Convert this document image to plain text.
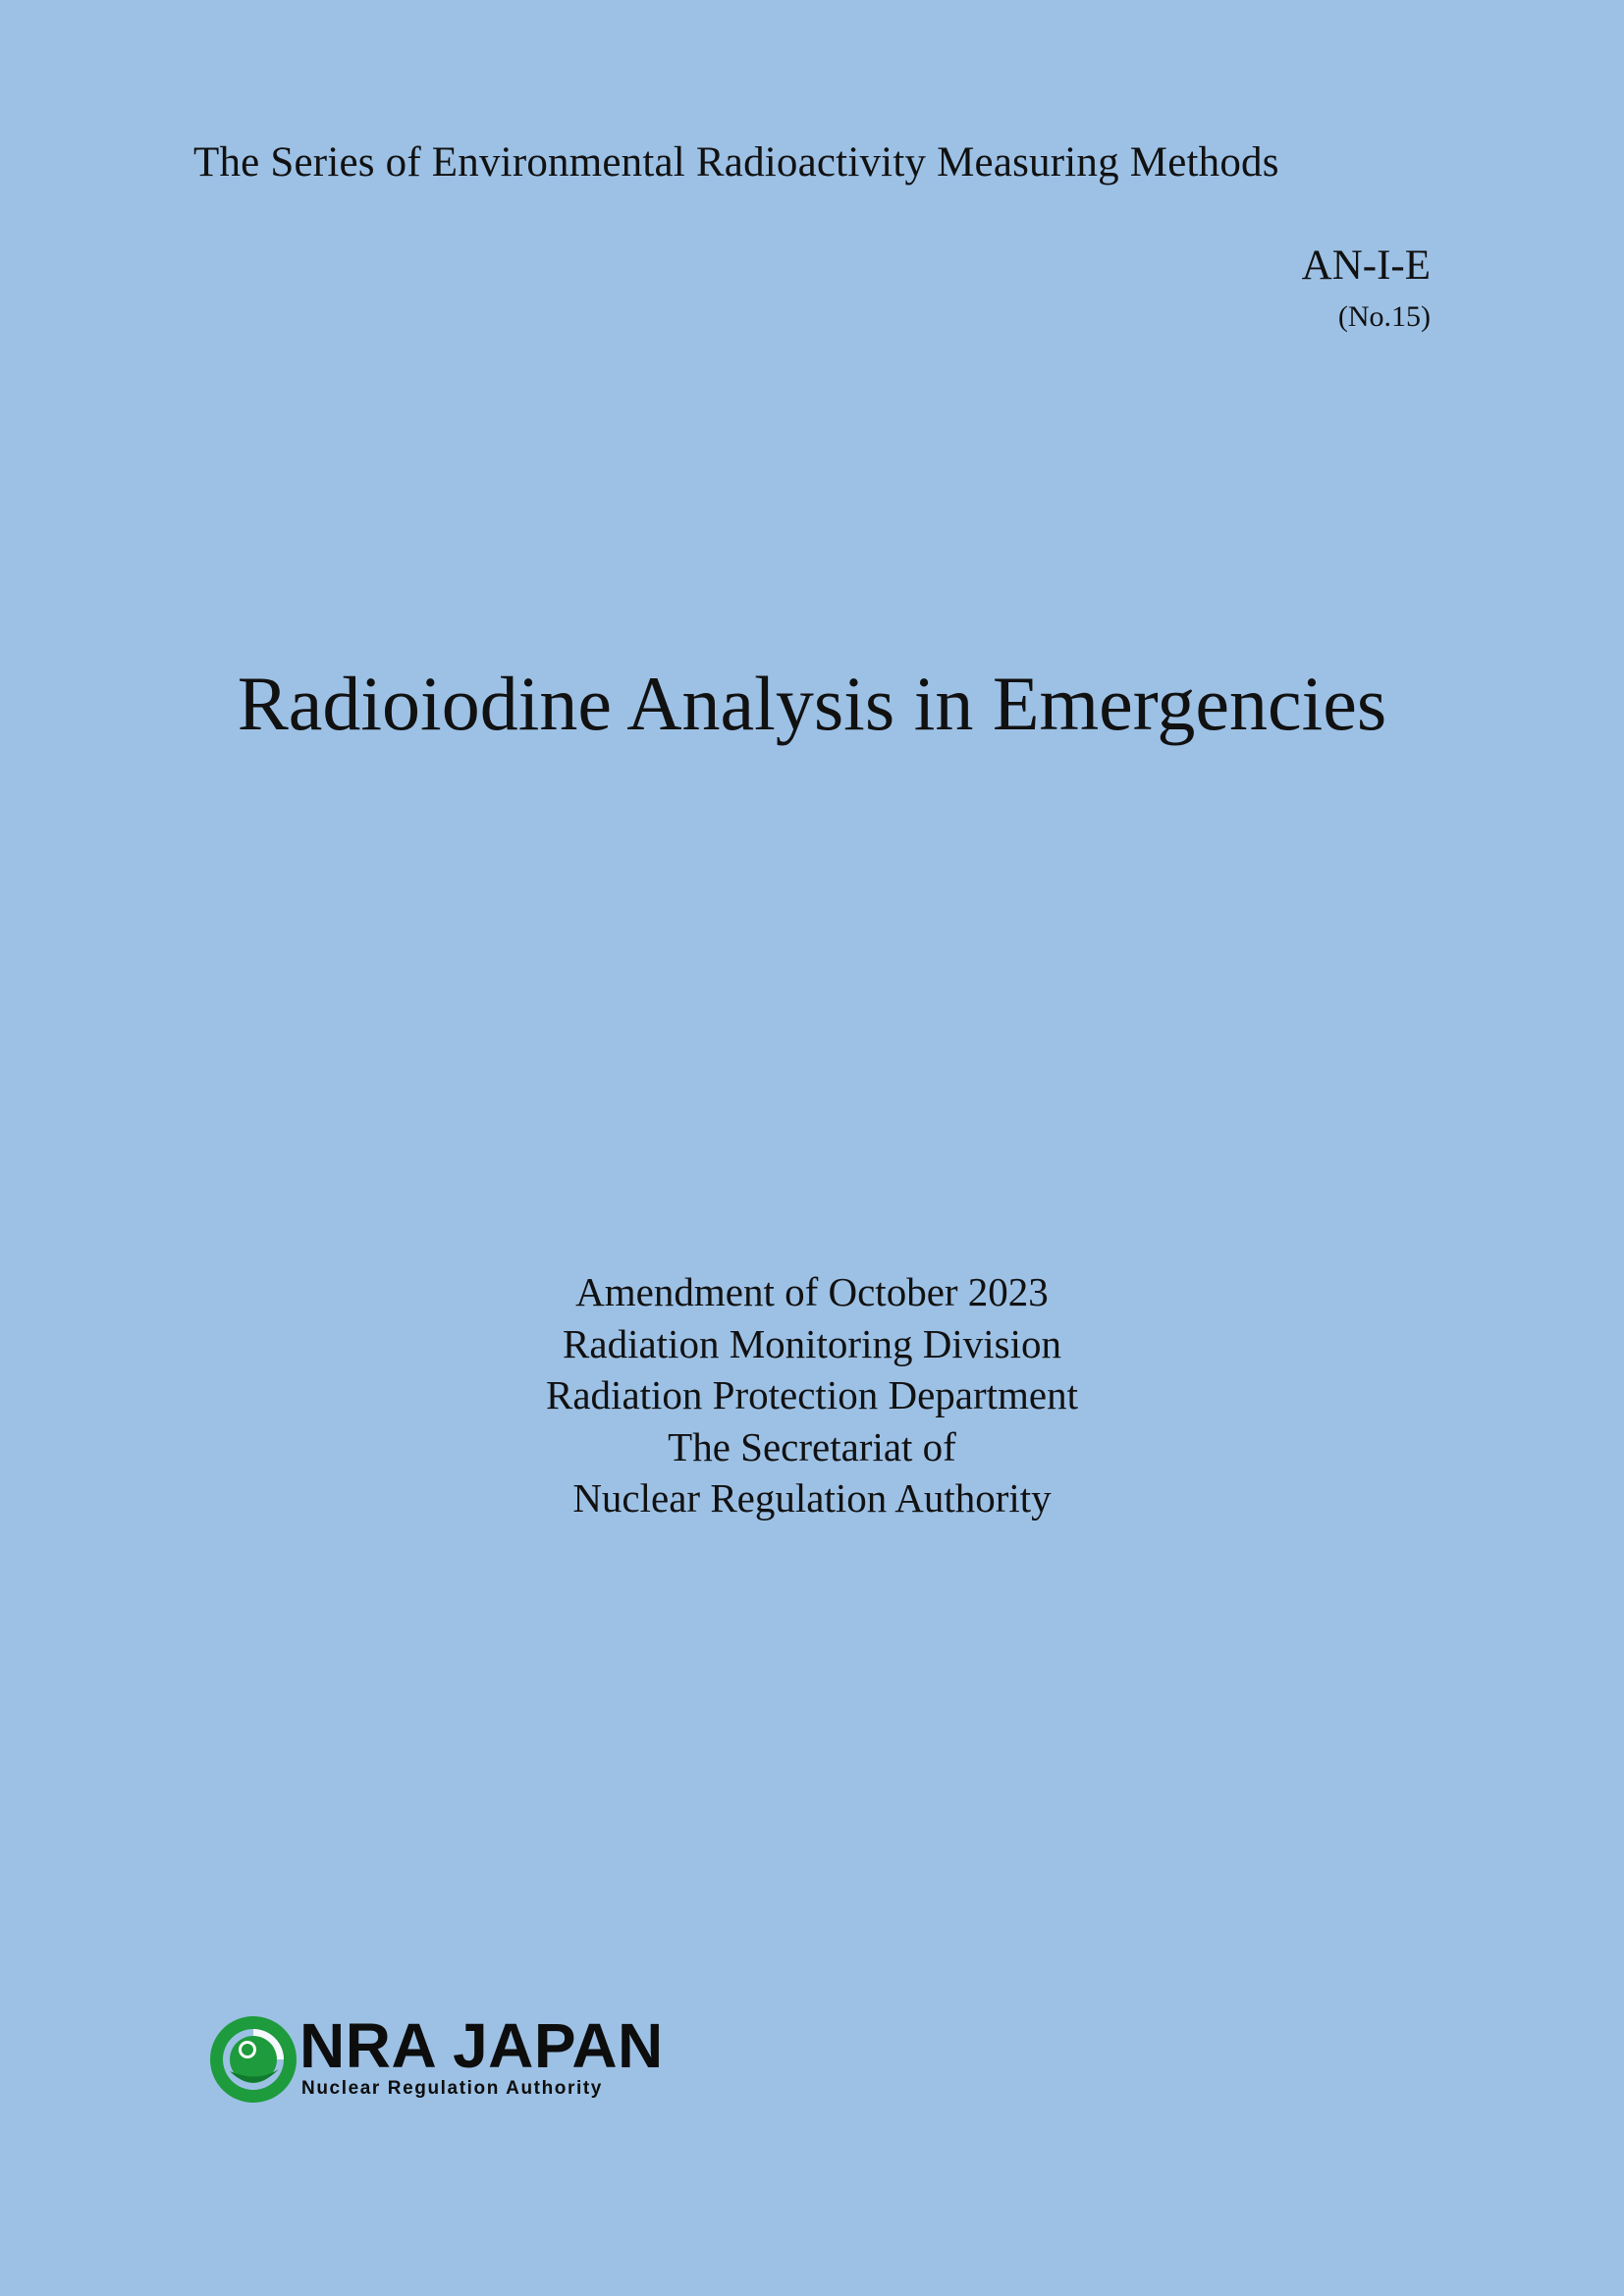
The Series of Environmental Radioactivity Measuring Methods
AN-I-E
(No.15)
Radioiodine Analysis in Emergencies
Amendment of October 2023
Radiation Monitoring Division
Radiation Protection Department
The Secretariat of
Nuclear Regulation Authority
NRA JAPAN
Nuclear Regulation Authority
